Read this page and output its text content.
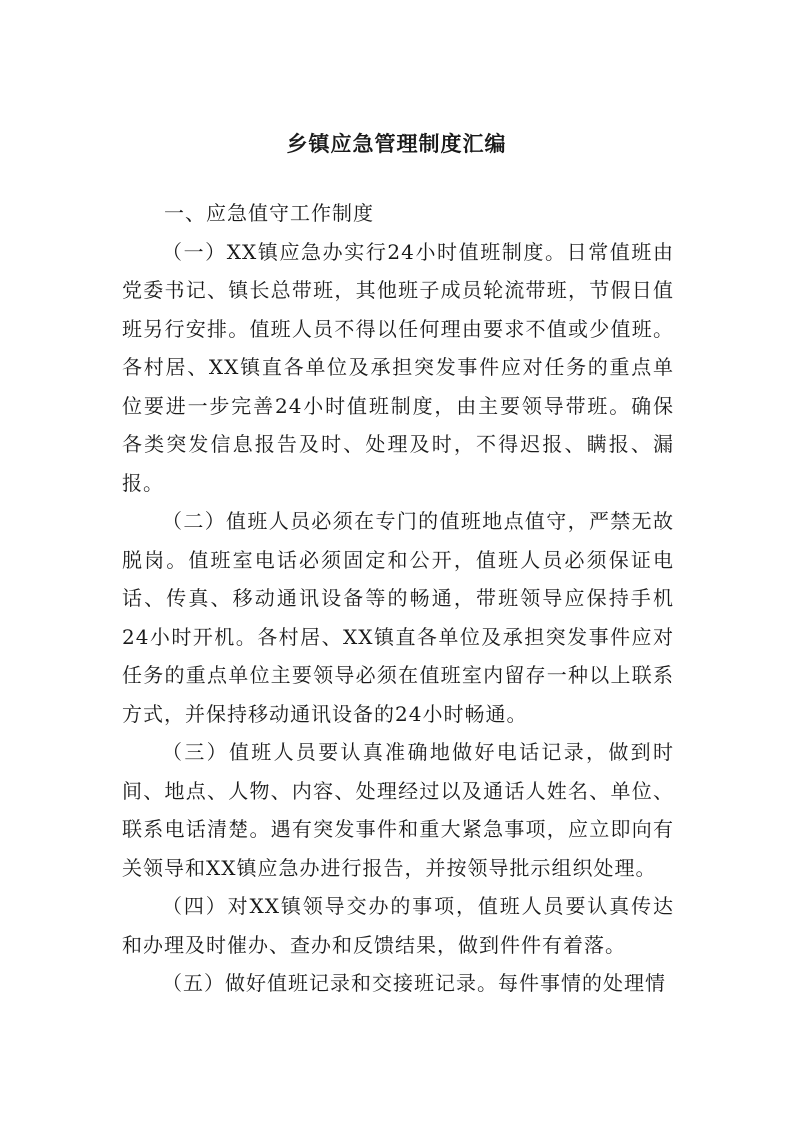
乡镇应急管理制度汇编

一、应急值守工作制度

（一）XX镇应急办实行24小时值班制度。日常值班由党委书记、镇长总带班，其他班子成员轮流带班，节假日值班另行安排。值班人员不得以任何理由要求不值或少值班。各村居、XX镇直各单位及承担突发事件应对任务的重点单位要进一步完善24小时值班制度，由主要领导带班。确保各类突发信息报告及时、处理及时，不得迟报、瞒报、漏报。

（二）值班人员必须在专门的值班地点值守，严禁无故脱岗。值班室电话必须固定和公开，值班人员必须保证电话、传真、移动通讯设备等的畅通，带班领导应保持手机24小时开机。各村居、XX镇直各单位及承担突发事件应对任务的重点单位主要领导必须在值班室内留存一种以上联系方式，并保持移动通讯设备的24小时畅通。

（三）值班人员要认真准确地做好电话记录，做到时间、地点、人物、内容、处理经过以及通话人姓名、单位、联系电话清楚。遇有突发事件和重大紧急事项，应立即向有关领导和XX镇应急办进行报告，并按领导批示组织处理。

（四）对XX镇领导交办的事项，值班人员要认真传达和办理及时催办、查办和反馈结果，做到件件有着落。

（五）做好值班记录和交接班记录。每件事情的处理情
